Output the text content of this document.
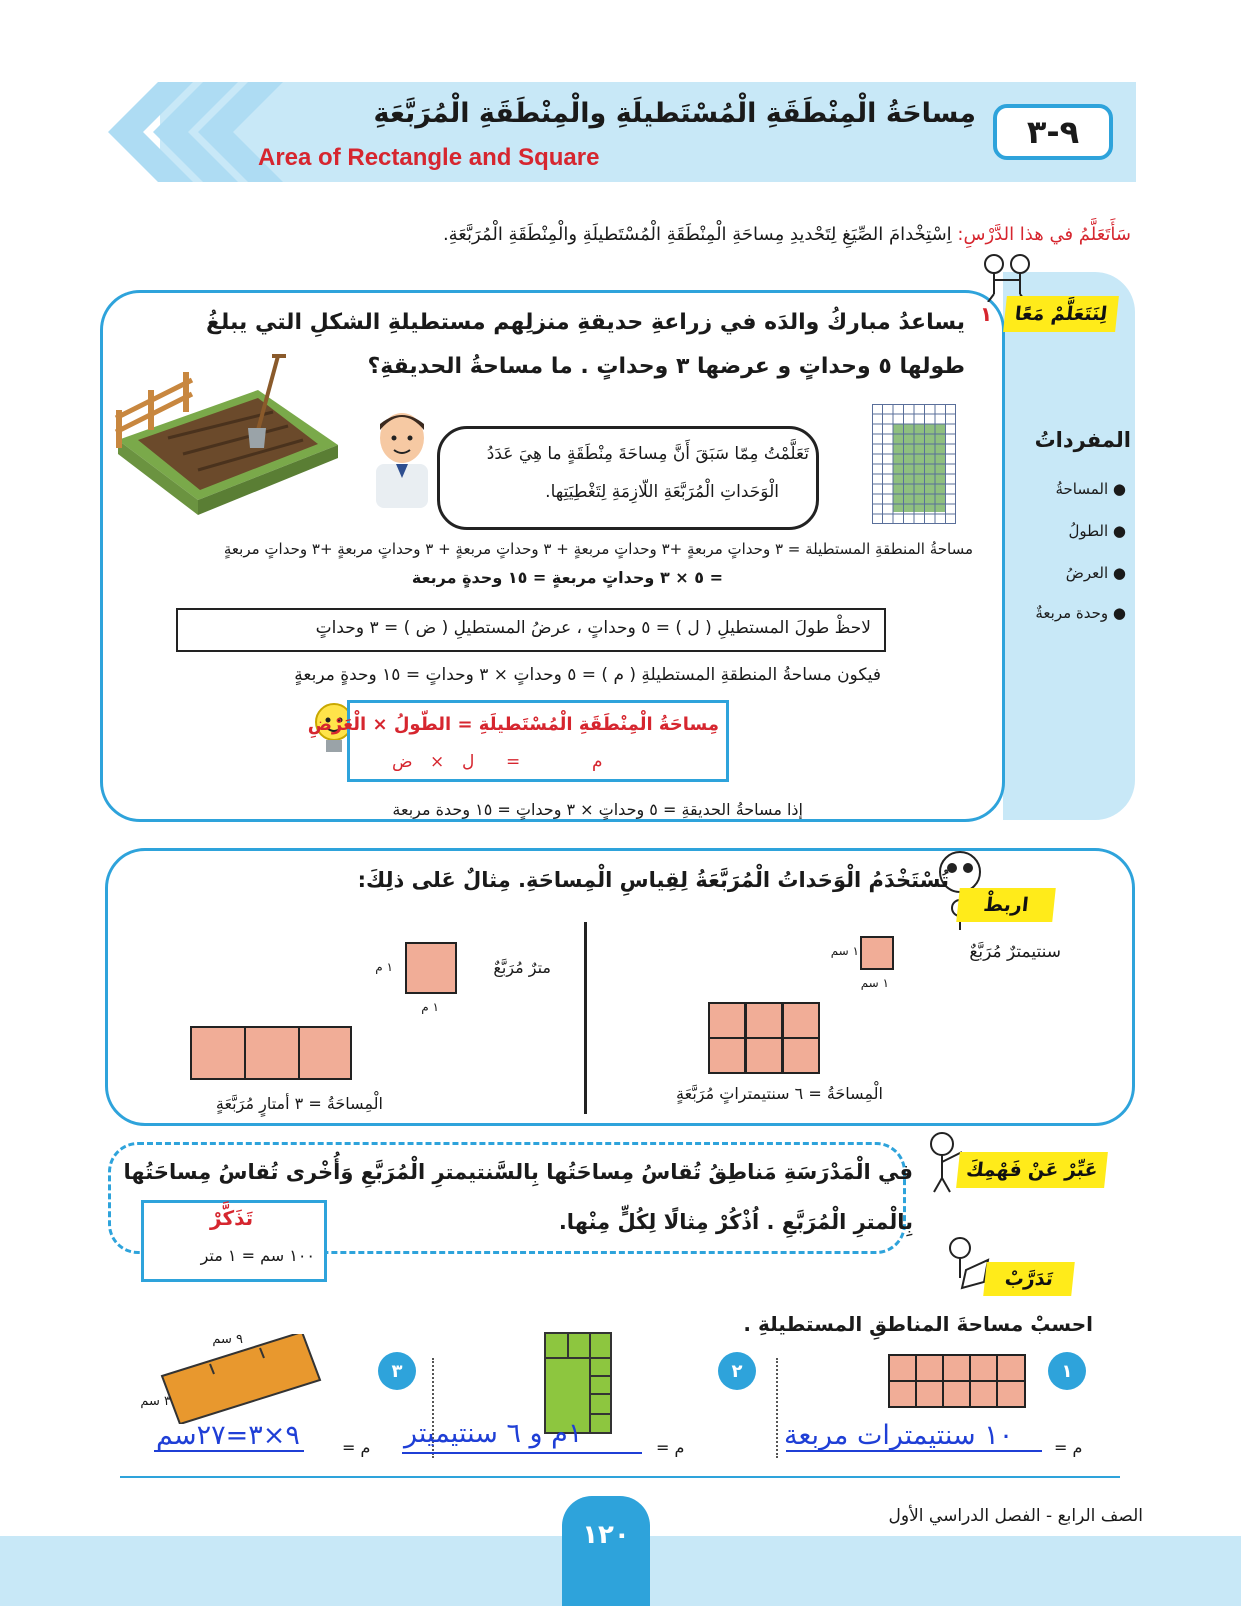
٩-٣
مِساحَةُ الْمِنْطَقَةِ الْمُسْتَطيلَةِ والْمِنْطَقَةِ الْمُرَبَّعَةِ
Area of Rectangle and Square
سَأَتَعَلَّمُ في هذا الدَّرْسِ: اِسْتِخْدامَ الصِّيَغِ لِتَحْديدِ مِساحَةِ الْمِنْطَقَةِ الْمُسْتَطيلَةِ والْمِنْطَقَةِ الْمُرَبَّعَةِ.
لِنَتَعَلَّمْ مَعًا
١
يساعدُ مباركُ والدَه في زراعةِ حديقةِ منزلِهم مستطيلةِ الشكلِ التي يبلغُ
طولها ٥ وحداتٍ و عرضها ٣ وحداتٍ . ما مساحةُ الحديقةِ؟
تَعَلَّمْتُ مِمّا سَبَقَ أَنَّ مِساحَةَ مِنْطَقَةٍ ما هِيَ عَدَدُ
الْوَحَداتِ الْمُرَبَّعَةِ اللّازِمَةِ لِتَغْطِيَتِها.
مساحةُ المنطقةِ المستطيلة = ٣ وحداتٍ مربعةٍ +٣ وحداتٍ مربعةٍ + ٣ وحداتٍ مربعةٍ + ٣ وحداتٍ مربعةٍ +٣ وحداتٍ مربعةٍ
= ٥ × ٣ وحداتٍ مربعةٍ = ١٥ وحدةٍ مربعة
لاحظْ طولَ المستطيلِ ( ل ) = ٥ وحداتٍ ، عرضُ المستطيلِ ( ض ) = ٣ وحداتٍ
فيكون مساحةُ المنطقةِ المستطيلةِ ( م ) = ٥ وحداتٍ × ٣ وحداتٍ = ١٥ وحدةٍ مربعةٍ
مِساحَةُ الْمِنْطَقَةِ الْمُسْتَطيلَةِ = الطّولُ × الْعَرْضِ
م
=
ل
×
ض
إذا مساحةُ الحديقةِ = ٥ وحداتٍ × ٣ وحداتٍ = ١٥ وحدة مربعة
المفرداتُ
● المساحةُ
● الطولُ
● العرضُ
● وحدة مربعةٌ
اربطْ
تُسْتَخْدَمُ الْوَحَداتُ الْمُرَبَّعَةُ لِقِياسِ الْمِساحَةِ. مِثالٌ عَلى ذلِكَ:
سنتيمترٌ مُرَبَّعٌ
١ سم
١ سم
الْمِساحَةُ = ٦ سنتيمتراتٍ مُرَبَّعَةٍ
مترٌ مُرَبَّعٌ
١ م
١ م
الْمِساحَةُ = ٣ أمتارٍ مُرَبَّعَةٍ
عَبِّرْ عَنْ فَهْمِكَ
في الْمَدْرَسَةِ مَناطِقُ تُقاسُ مِساحَتُها بِالسَّنتيمترِ الْمُرَبَّعِ وَأُخْرى تُقاسُ مِساحَتُها
بِالْمترِ الْمُرَبَّعِ . اُذْكُرْ مِثالًا لِكُلٍّ مِنْها.
تَذَكَّرْ
١٠٠ سم = ١ متر
تَدَرَّبْ
احسبْ مساحةَ المناطقِ المستطيلةِ .
١
م =
١٠ سنتيمترات مربعة
٢
م =
١م و ٦ سنتيميتر
٣
٩ سم
٣ سم
م =
٩×٣=٢٧سم
الصف الرابع - الفصل الدراسي الأول
١٢٠
